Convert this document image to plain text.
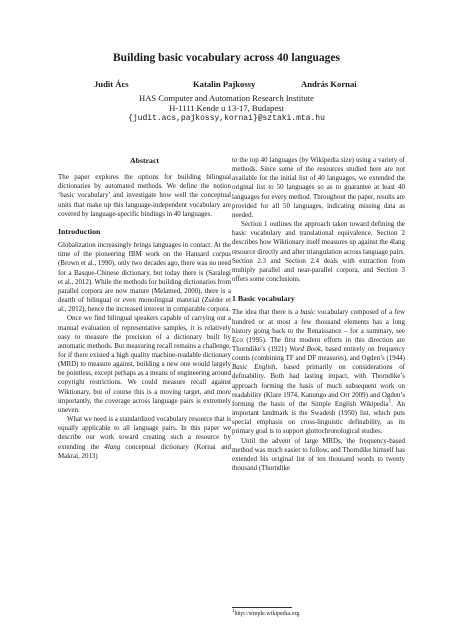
Building basic vocabulary across 40 languages
Judit Ács	Katalin Pajkossy	András Kornai
HAS Computer and Automation Research Institute
H-1111 Kende u 13-17, Budapest
{judit.acs,pajkossy,kornai}@sztaki.mta.hu
Abstract

The paper explores the options for building bilingual dictionaries by automated methods. We define the notion ‘basic vocabulary’ and investigate how well the conceptual units that make up this language-independent vocabulary are covered by language-specific bindings in 40 languages.

Introduction

Globalization increasingly brings languages in contact. At the time of the pioneering IBM work on the Hansard corpus (Brown et al., 1990), only two decades ago, there was no need for a Basque-Chinese dictionary, but today there is (Saralegi et al., 2012). While the methods for building dictionaries from parallel corpora are now mature (Melamed, 2000), there is a dearth of bilingual or even monolingual material (Zséder et al., 2012), hence the increased interest in comparable corpora.

Once we find bilingual speakers capable of carrying out a manual evaluation of representative samples, it is relatively easy to measure the precision of a dictionary built by automatic methods. But measuring recall remains a challenge, for if there existed a high quality machine-readable dictionary (MRD) to measure against, building a new one would largely be pointless, except perhaps as a means of engineering around copyright restrictions. We could measure recall against Wiktionary, but of course this is a moving target, and more importantly, the coverage across language pairs is extremely uneven.

What we need is a standardized vocabulary resource that is equally applicable to all language pairs. In this paper we describe our work toward creating such a resource by extending the 4lang conceptual dictionary (Kornai and Makrai, 2013)

to the top 40 languages (by Wikipedia size) using a variety of methods. Since some of the resources studied here are not available for the initial list of 40 languages, we extended the original list to 50 languages so as to guarantee at least 40 languages for every method. Throughout the paper, results are provided for all 50 languages, indicating missing data as needed.

Section 1 outlines the approach taken toward defining the basic vocabulary and translational equivalence. Section 2 describes how Wiktionary itself measures up against the 4lang resource directly and after triangulation across language pairs. Section 2.3 and Section 2.4 deals with extraction from multiply parallel and near-parallel corpora, and Section 3 offers some conclusions.

1 Basic vocabulary

The idea that there is a basic vocabulary composed of a few hundred or at most a few thousand elements has a long history going back to the Renaissance – for a summary, see Eco (1995). The first modern efforts in this direction are Thorndike’s (1921) Word Book, based entirely on frequency counts (combining TF and DF measures), and Ogden’s (1944) Basic English, based primarily on considerations of definability. Both had lasting impact, with Thorndike’s approach forming the basis of much subsequent work on readability (Klare 1974, Kanungo and Orr 2009) and Ogden’s forming the basis of the Simple English Wikipedia$^1$. An important landmark is the Swadesh (1950) list, which puts special emphasis on cross-linguistic definability, as its primary goal is to support glottochronological studies.

Until the advent of large MRDs, the frequency-based method was much easier to follow, and Thorndike himself has extended his original list of ten thousand words to twenty thousand (Thorndike

$^1$http://simple.wikipedia.org
